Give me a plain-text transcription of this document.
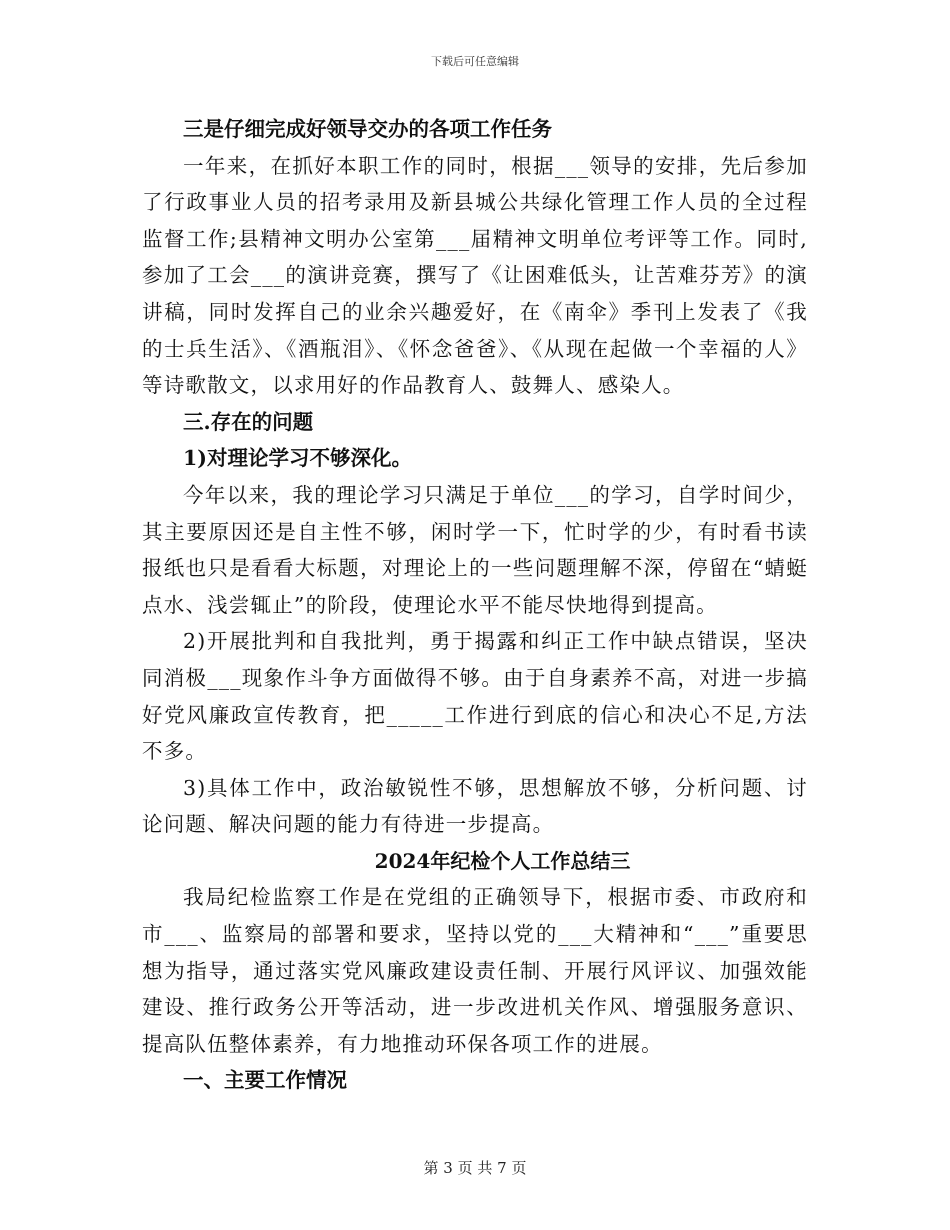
下载后可任意编辑

三是仔细完成好领导交办的各项工作任务

一年来，在抓好本职工作的同时，根据___领导的安排，先后参加了行政事业人员的招考录用及新县城公共绿化管理工作人员的全过程监督工作;县精神文明办公室第___届精神文明单位考评等工作。同时,参加了工会___的演讲竞赛，撰写了《让困难低头，让苦难芬芳》的演讲稿，同时发挥自己的业余兴趣爱好，在《南伞》季刊上发表了《我的士兵生活》、《酒瓶泪》、《怀念爸爸》、《从现在起做一个幸福的人》等诗歌散文，以求用好的作品教育人、鼓舞人、感染人。

三.存在的问题

1)对理论学习不够深化。

今年以来，我的理论学习只满足于单位___的学习，自学时间少，其主要原因还是自主性不够，闲时学一下，忙时学的少，有时看书读报纸也只是看看大标题，对理论上的一些问题理解不深，停留在“蜻蜓点水、浅尝辄止”的阶段，使理论水平不能尽快地得到提高。

2)开展批判和自我批判，勇于揭露和纠正工作中缺点错误，坚决同消极___现象作斗争方面做得不够。由于自身素养不高，对进一步搞好党风廉政宣传教育，把_____工作进行到底的信心和决心不足,方法不多。

3)具体工作中，政治敏锐性不够，思想解放不够，分析问题、讨论问题、解决问题的能力有待进一步提高。

2024年纪检个人工作总结三

我局纪检监察工作是在党组的正确领导下，根据市委、市政府和市___、监察局的部署和要求，坚持以党的___大精神和“___”重要思想为指导，通过落实党风廉政建设责任制、开展行风评议、加强效能建设、推行政务公开等活动，进一步改进机关作风、增强服务意识、提高队伍整体素养，有力地推动环保各项工作的进展。

一、主要工作情况

第 3 页 共 7 页
